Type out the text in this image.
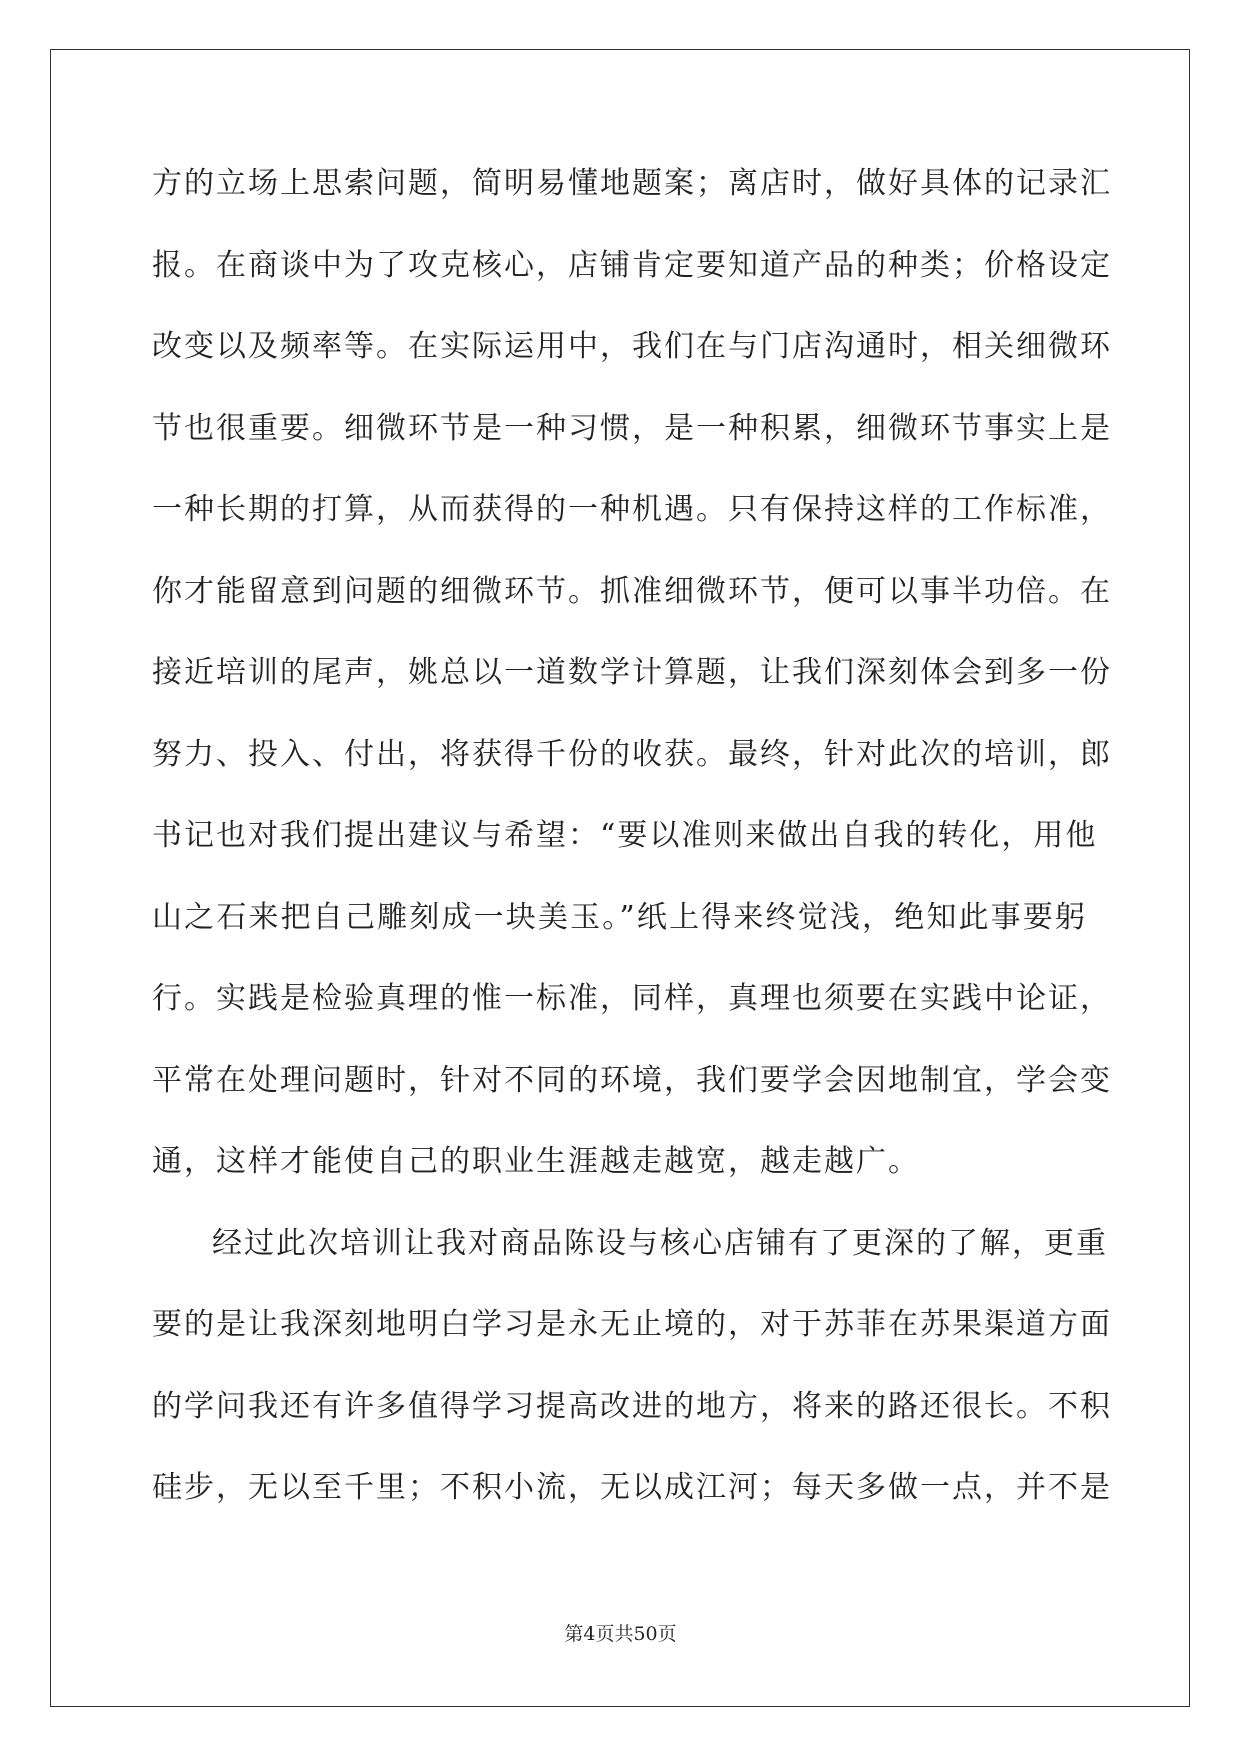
方的立场上思索问题，简明易懂地题案；离店时，做好具体的记录汇
报。在商谈中为了攻克核心，店铺肯定要知道产品的种类；价格设定
改变以及频率等。在实际运用中，我们在与门店沟通时，相关细微环
节也很重要。细微环节是一种习惯，是一种积累，细微环节事实上是
一种长期的打算，从而获得的一种机遇。只有保持这样的工作标准，
你才能留意到问题的细微环节。抓准细微环节，便可以事半功倍。在
接近培训的尾声，姚总以一道数学计算题，让我们深刻体会到多一份
努力、投入、付出，将获得千份的收获。最终，针对此次的培训，郎
书记也对我们提出建议与希望：“要以准则来做出自我的转化，用他
山之石来把自己雕刻成一块美玉。”纸上得来终觉浅，绝知此事要躬
行。实践是检验真理的惟一标准，同样，真理也须要在实践中论证，
平常在处理问题时，针对不同的环境，我们要学会因地制宜，学会变
通，这样才能使自己的职业生涯越走越宽，越走越广。
经过此次培训让我对商品陈设与核心店铺有了更深的了解，更重
要的是让我深刻地明白学习是永无止境的，对于苏菲在苏果渠道方面
的学问我还有许多值得学习提高改进的地方，将来的路还很长。不积
硅步，无以至千里；不积小流，无以成江河；每天多做一点，并不是
第4页共50页
